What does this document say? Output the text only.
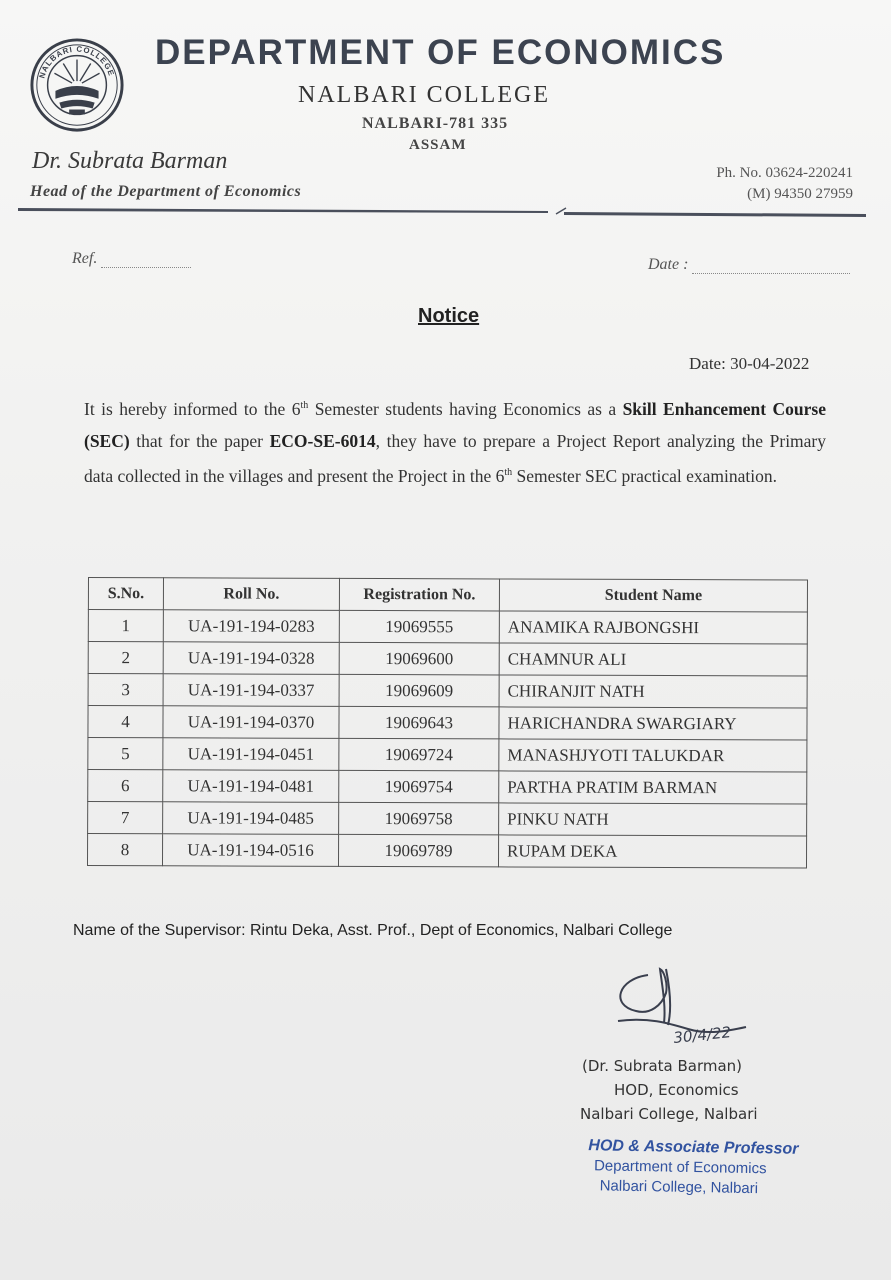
NALBARI COLLEGE
DEPARTMENT OF ECONOMICS
NALBARI COLLEGE
NALBARI-781 335
ASSAM
Dr. Subrata Barman
Head of the Department of Economics
Ph. No. 03624-220241
(M) 94350 27959
Ref.	Date :
Notice
Date: 30-04-2022
It is hereby informed to the 6th Semester students having Economics as a Skill Enhancement Course (SEC) that for the paper ECO-SE-6014, they have to prepare a Project Report analyzing the Primary data collected in the villages and present the Project in the 6th Semester SEC practical examination.
S.No.	Roll No.	Registration No.	Student Name
1	UA-191-194-0283	19069555	ANAMIKA RAJBONGSHI
2	UA-191-194-0328	19069600	CHAMNUR ALI
3	UA-191-194-0337	19069609	CHIRANJIT NATH
4	UA-191-194-0370	19069643	HARICHANDRA SWARGIARY
5	UA-191-194-0451	19069724	MANASHJYOTI TALUKDAR
6	UA-191-194-0481	19069754	PARTHA PRATIM BARMAN
7	UA-191-194-0485	19069758	PINKU NATH
8	UA-191-194-0516	19069789	RUPAM DEKA
Name of the Supervisor: Rintu Deka, Asst. Prof., Dept of Economics, Nalbari College
30/4/22
(Dr. Subrata Barman)
HOD, Economics
Nalbari College, Nalbari
HOD & Associate Professor
Department of Economics
Nalbari College, Nalbari
